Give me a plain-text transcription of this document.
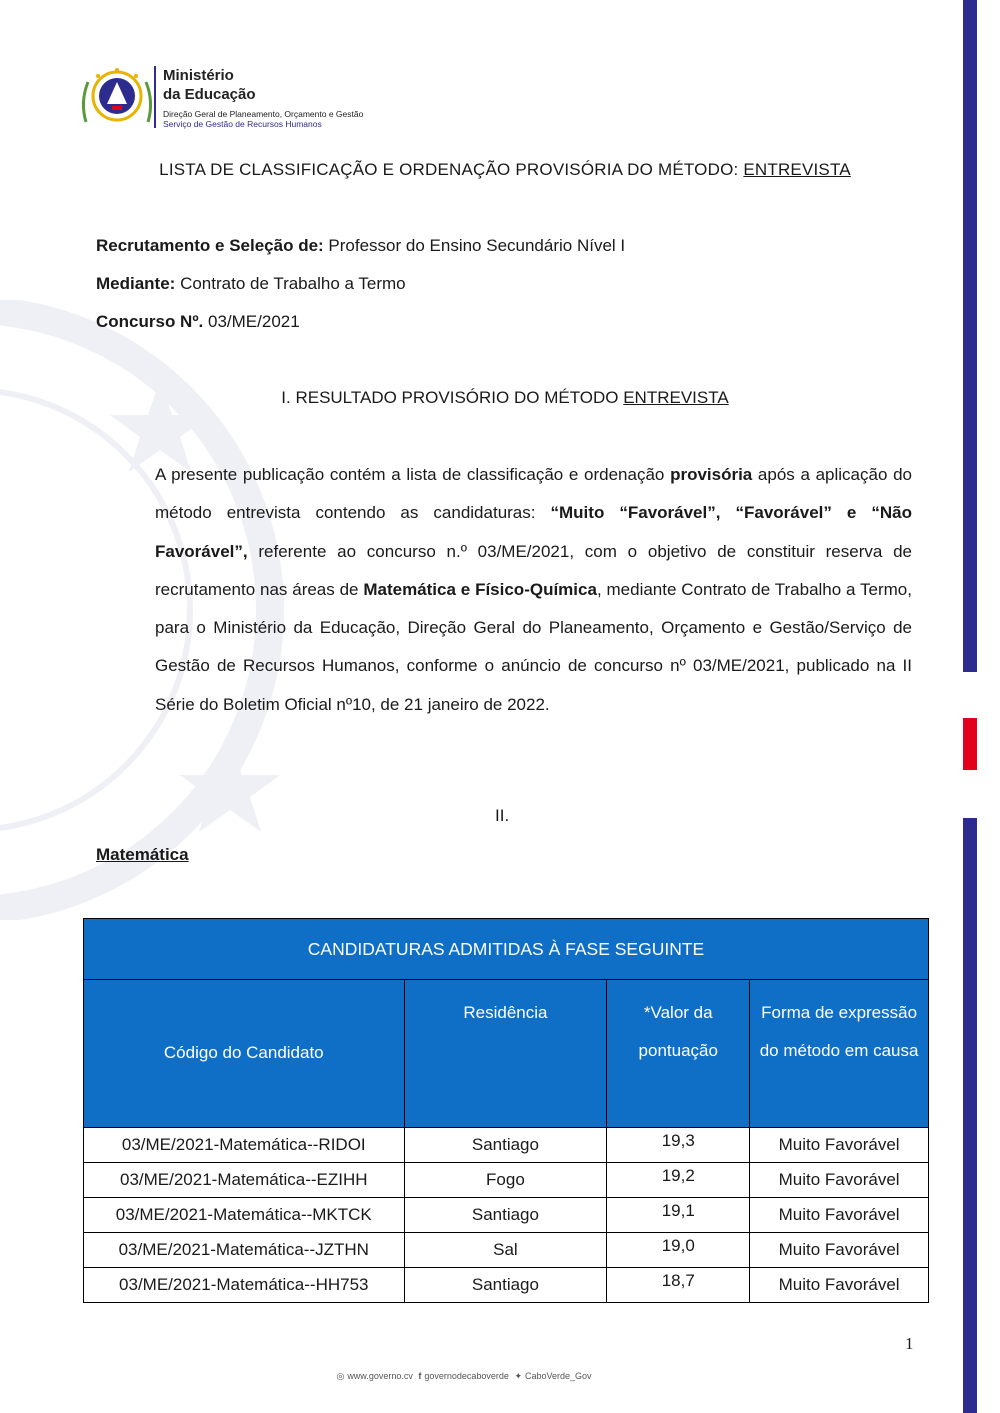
Ministério
da Educação
Direção Geral de Planeamento, Orçamento e Gestão
Serviço de Gestão de Recursos Humanos
LISTA DE CLASSIFICAÇÃO E ORDENAÇÃO PROVISÓRIA DO MÉTODO: ENTREVISTA
Recrutamento e Seleção de: Professor do Ensino Secundário Nível I
Mediante: Contrato de Trabalho a Termo
Concurso Nº. 03/ME/2021
I. RESULTADO PROVISÓRIO DO MÉTODO ENTREVISTA
A presente publicação contém a lista de classificação e ordenação provisória após a aplicação do método entrevista contendo as candidaturas: “Muito “Favorável”, “Favorável” e “Não Favorável”, referente ao concurso n.º 03/ME/2021, com o objetivo de constituir reserva de recrutamento nas áreas de Matemática e Físico-Química, mediante Contrato de Trabalho a Termo, para o Ministério da Educação, Direção Geral do Planeamento, Orçamento e Gestão/Serviço de Gestão de Recursos Humanos, conforme o anúncio de concurso nº 03/ME/2021, publicado na II Série do Boletim Oficial nº10, de 21 janeiro de 2022.
II.
Matemática
CANDIDATURAS ADMITIDAS À FASE SEGUINTE			
Código do Candidato	Residência	*Valor da pontuação	Forma de expressão do método em causa
03/ME/2021-Matemática--RIDOI	Santiago	19,3	Muito Favorável
03/ME/2021-Matemática--EZIHH	Fogo	19,2	Muito Favorável
03/ME/2021-Matemática--MKTCK	Santiago	19,1	Muito Favorável
03/ME/2021-Matemática--JZTHN	Sal	19,0	Muito Favorável
03/ME/2021-Matemática--HH753	Santiago	18,7	Muito Favorável
1
◎ www.governo.cv f governodecaboverde ✦ CaboVerde_Gov
